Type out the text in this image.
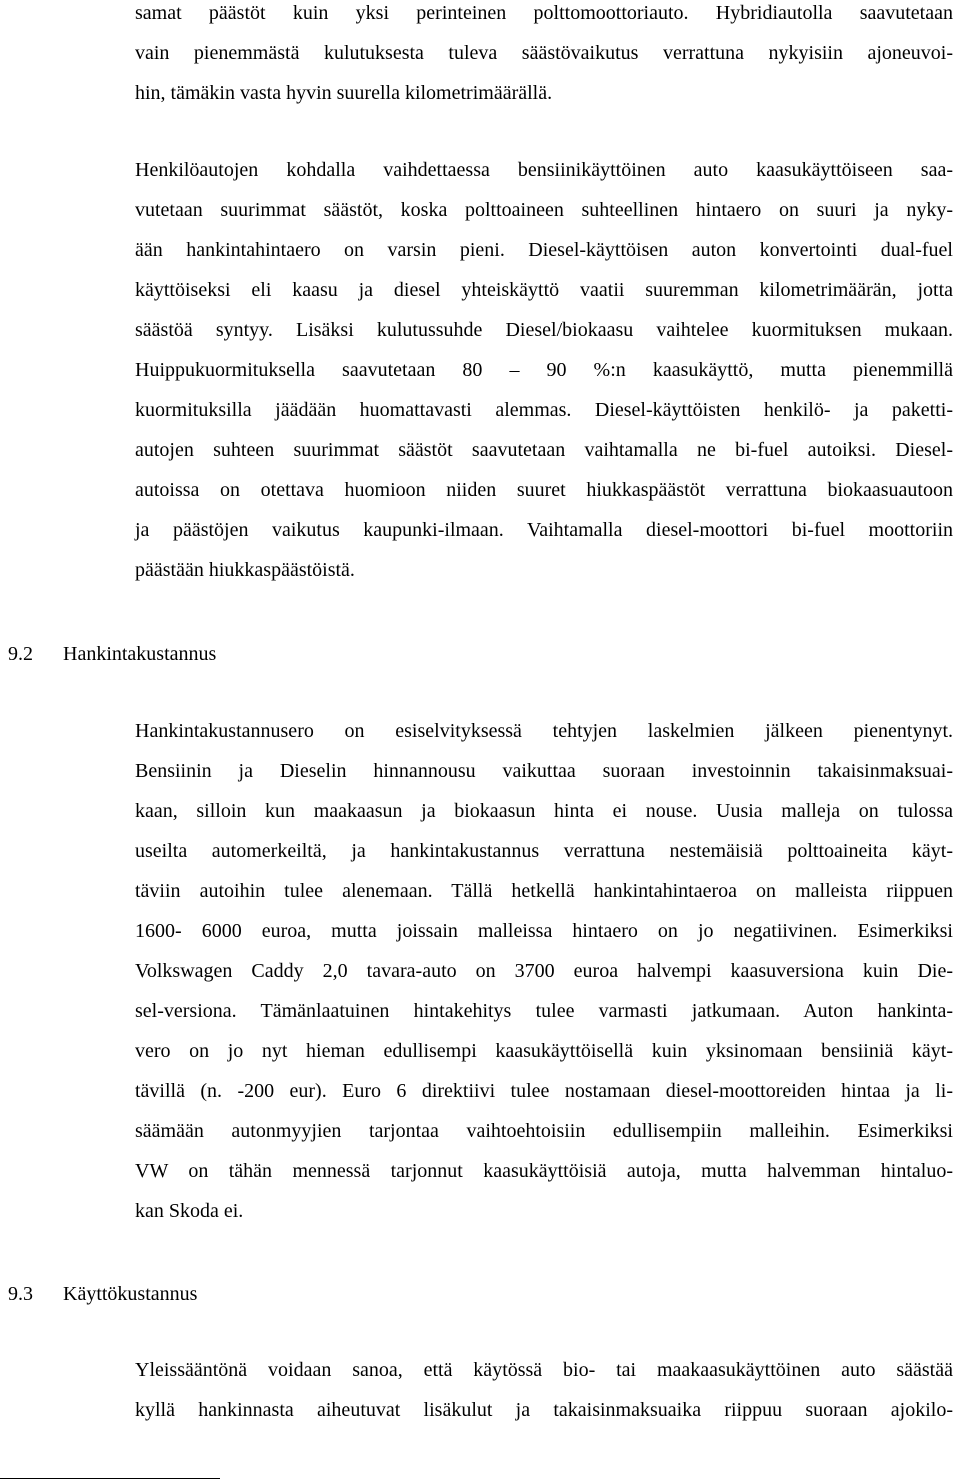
samat päästöt kuin yksi perinteinen polttomoottoriauto. Hybridiautolla saavutetaan
vain pienemmästä kulutuksesta tuleva säästövaikutus verrattuna nykyisiin ajoneuvoi-
hin, tämäkin vasta hyvin suurella kilometrimäärällä.
Henkilöautojen kohdalla vaihdettaessa bensiinikäyttöinen auto kaasukäyttöiseen saa-
vutetaan suurimmat säästöt, koska polttoaineen suhteellinen hintaero on suuri ja nyky-
ään hankintahintaero on varsin pieni. Diesel-käyttöisen auton konvertointi dual-fuel
käyttöiseksi eli kaasu ja diesel yhteiskäyttö vaatii suuremman kilometrimäärän, jotta
säästöä syntyy. Lisäksi kulutussuhde Diesel/biokaasu vaihtelee kuormituksen mukaan.
Huippukuormituksella saavutetaan 80 – 90 %:n kaasukäyttö, mutta pienemmillä
kuormituksilla jäädään huomattavasti alemmas. Diesel-käyttöisten henkilö- ja paketti-
autojen suhteen suurimmat säästöt saavutetaan vaihtamalla ne bi-fuel autoiksi. Diesel-
autoissa on otettava huomioon niiden suuret hiukkaspäästöt verrattuna biokaasuautoon
ja päästöjen vaikutus kaupunki-ilmaan. Vaihtamalla diesel-moottori bi-fuel moottoriin
päästään hiukkaspäästöistä.
9.2 Hankintakustannus
Hankintakustannusero on esiselvityksessä tehtyjen laskelmien jälkeen pienentynyt.
Bensiinin ja Dieselin hinnannousu vaikuttaa suoraan investoinnin takaisinmaksuai-
kaan, silloin kun maakaasun ja biokaasun hinta ei nouse. Uusia malleja on tulossa
useilta automerkeiltä, ja hankintakustannus verrattuna nestemäisiä polttoaineita käyt-
täviin autoihin tulee alenemaan. Tällä hetkellä hankintahintaeroa on malleista riippuen
1600- 6000 euroa, mutta joissain malleissa hintaero on jo negatiivinen. Esimerkiksi
Volkswagen Caddy 2,0 tavara-auto on 3700 euroa halvempi kaasuversiona kuin Die-
sel-versiona. Tämänlaatuinen hintakehitys tulee varmasti jatkumaan. Auton hankinta-
vero on jo nyt hieman edullisempi kaasukäyttöisellä kuin yksinomaan bensiiniä käyt-
tävillä (n. -200 eur). Euro 6 direktiivi tulee nostamaan diesel-moottoreiden hintaa ja li-
säämään autonmyyjien tarjontaa vaihtoehtoisiin edullisempiin malleihin. Esimerkiksi
VW on tähän mennessä tarjonnut kaasukäyttöisiä autoja, mutta halvemman hintaluo-
kan Skoda ei.
9.3 Käyttökustannus
Yleissääntönä voidaan sanoa, että käytössä bio- tai maakaasukäyttöinen auto säästää
kyllä hankinnasta aiheutuvat lisäkulut ja takaisinmaksuaika riippuu suoraan ajokilo-
